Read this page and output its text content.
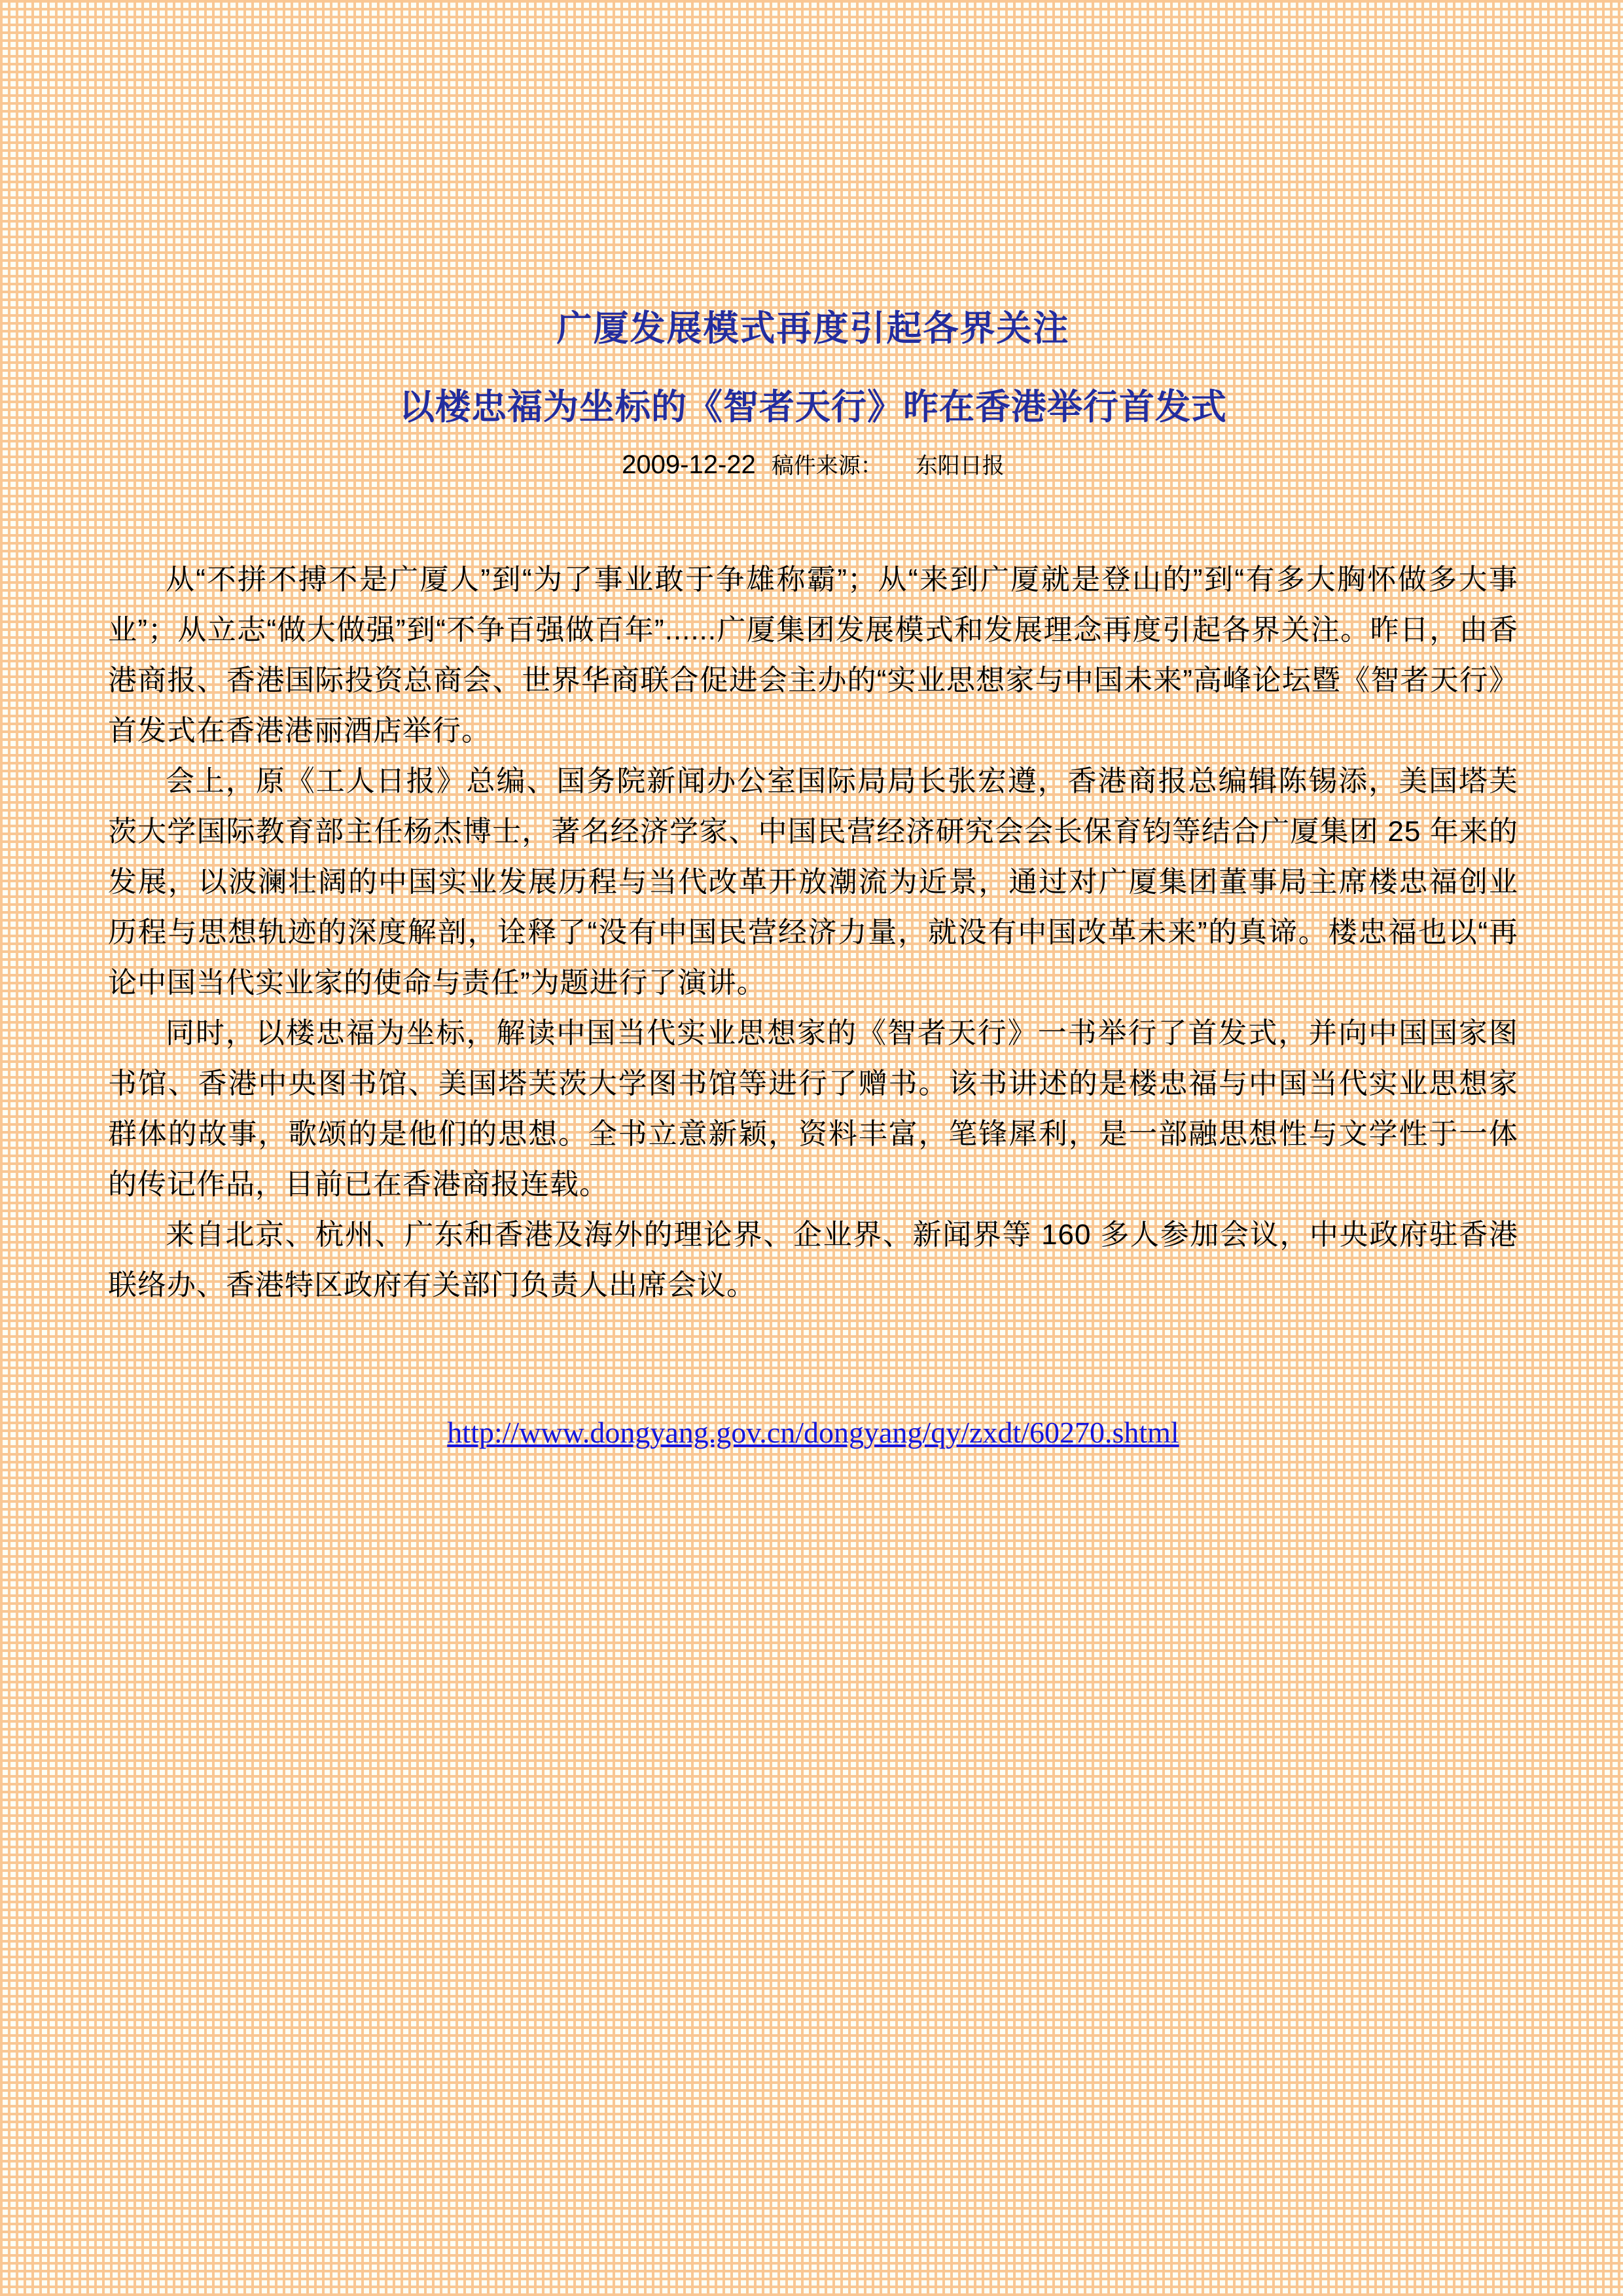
广厦发展模式再度引起各界关注
以楼忠福为坐标的《智者天行》昨在香港举行首发式
2009-12-22 稿件来源： 东阳日报

从“不拼不搏不是广厦人”到“为了事业敢于争雄称霸”；从“来到广厦就是登山的”到“有多大胸怀做多大事业”；从立志“做大做强”到“不争百强做百年”......广厦集团发展模式和发展理念再度引起各界关注。昨日，由香港商报、香港国际投资总商会、世界华商联合促进会主办的“实业思想家与中国未来”高峰论坛暨《智者天行》首发式在香港港丽酒店举行。

会上，原《工人日报》总编、国务院新闻办公室国际局局长张宏遵，香港商报总编辑陈锡添，美国塔芙茨大学国际教育部主任杨杰博士，著名经济学家、中国民营经济研究会会长保育钧等结合广厦集团 25 年来的发展，以波澜壮阔的中国实业发展历程与当代改革开放潮流为近景，通过对广厦集团董事局主席楼忠福创业历程与思想轨迹的深度解剖，诠释了“没有中国民营经济力量，就没有中国改革未来”的真谛。楼忠福也以“再论中国当代实业家的使命与责任”为题进行了演讲。

同时，以楼忠福为坐标，解读中国当代实业思想家的《智者天行》一书举行了首发式，并向中国国家图书馆、香港中央图书馆、美国塔芙茨大学图书馆等进行了赠书。该书讲述的是楼忠福与中国当代实业思想家群体的故事，歌颂的是他们的思想。全书立意新颖，资料丰富，笔锋犀利，是一部融思想性与文学性于一体的传记作品，目前已在香港商报连载。

来自北京、杭州、广东和香港及海外的理论界、企业界、新闻界等 160 多人参加会议，中央政府驻香港联络办、香港特区政府有关部门负责人出席会议。

http://www.dongyang.gov.cn/dongyang/qy/zxdt/60270.shtml
